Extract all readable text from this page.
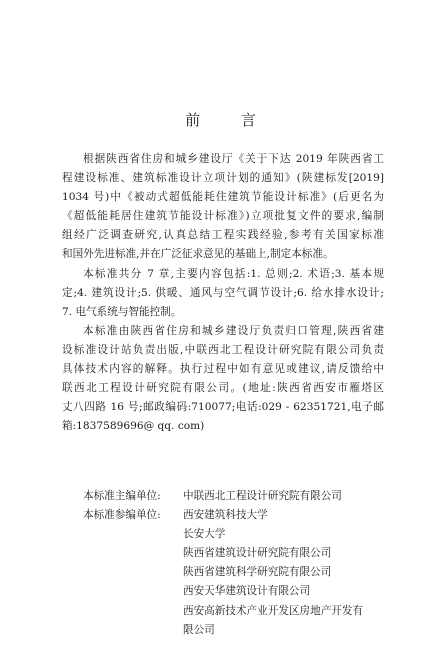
前 言
根据陕西省住房和城乡建设厅《关于下达 2019 年陕西省工
程建设标准、建筑标准设计立项计划的通知》(陕建标发[2019]
1034 号)中《被动式超低能耗住建筑节能设计标准》(后更名为
《超低能耗居住建筑节能设计标准》)立项批复文件的要求,编制
组经广泛调查研究,认真总结工程实践经验,参考有关国家标准
和国外先进标准,并在广泛征求意见的基础上,制定本标准。
本标准共分 7 章,主要内容包括:1. 总则;2. 术语;3. 基本规
定;4. 建筑设计;5. 供暖、通风与空气调节设计;6. 给水排水设计;
7. 电气系统与智能控制。
本标准由陕西省住房和城乡建设厅负责归口管理,陕西省建
设标准设计站负责出版,中联西北工程设计研究院有限公司负责
具体技术内容的解释。执行过程中如有意见或建议,请反馈给中
联西北工程设计研究院有限公司。(地址:陕西省西安市雁塔区
丈八四路 16 号;邮政编码:710077;电话:029 - 62351721,电子邮
箱:1837589696@ qq. com)
本标准主编单位: 中联西北工程设计研究院有限公司
本标准参编单位: 西安建筑科技大学
长安大学
陕西省建筑设计研究院有限公司
陕西省建筑科学研究院有限公司
西安天华建筑设计有限公司
西安高新技术产业开发区房地产开发有
限公司
